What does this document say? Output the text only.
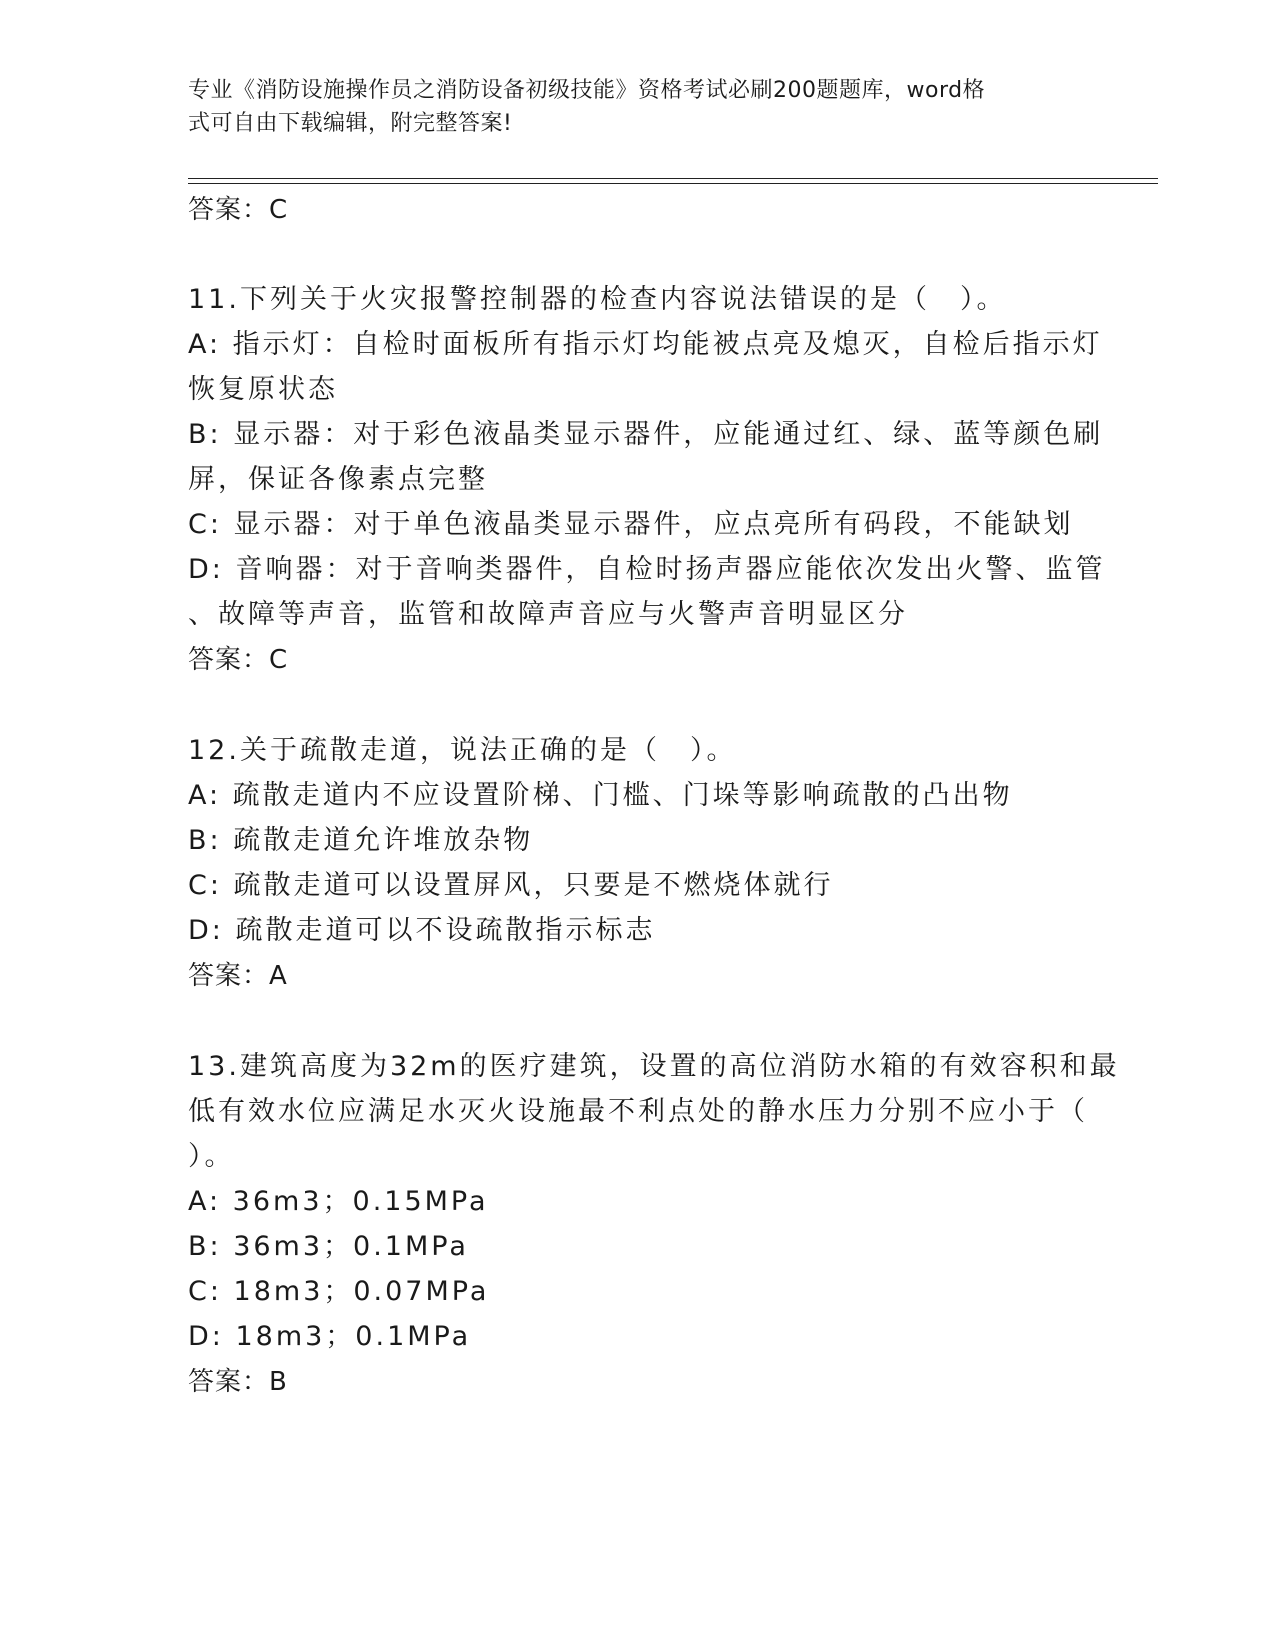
专业《消防设施操作员之消防设备初级技能》资格考试必刷200题题库，word格
式可自由下载编辑，附完整答案!
答案：C
11.下列关于火灾报警控制器的检查内容说法错误的是（　）。
A: 指示灯：自检时面板所有指示灯均能被点亮及熄灭，自检后指示灯
恢复原状态
B: 显示器：对于彩色液晶类显示器件，应能通过红、绿、蓝等颜色刷
屏，保证各像素点完整
C: 显示器：对于单色液晶类显示器件，应点亮所有码段，不能缺划
D: 音响器：对于音响类器件，自检时扬声器应能依次发出火警、监管
、故障等声音，监管和故障声音应与火警声音明显区分
答案：C
12.关于疏散走道，说法正确的是（　）。
A: 疏散走道内不应设置阶梯、门槛、门垛等影响疏散的凸出物
B: 疏散走道允许堆放杂物
C: 疏散走道可以设置屏风，只要是不燃烧体就行
D: 疏散走道可以不设疏散指示标志
答案：A
13.建筑高度为32m的医疗建筑，设置的高位消防水箱的有效容积和最
低有效水位应满足水灭火设施最不利点处的静水压力分别不应小于（
）。
A: 36m3；0.15MPa
B: 36m3；0.1MPa
C: 18m3；0.07MPa
D: 18m3；0.1MPa
答案：B
